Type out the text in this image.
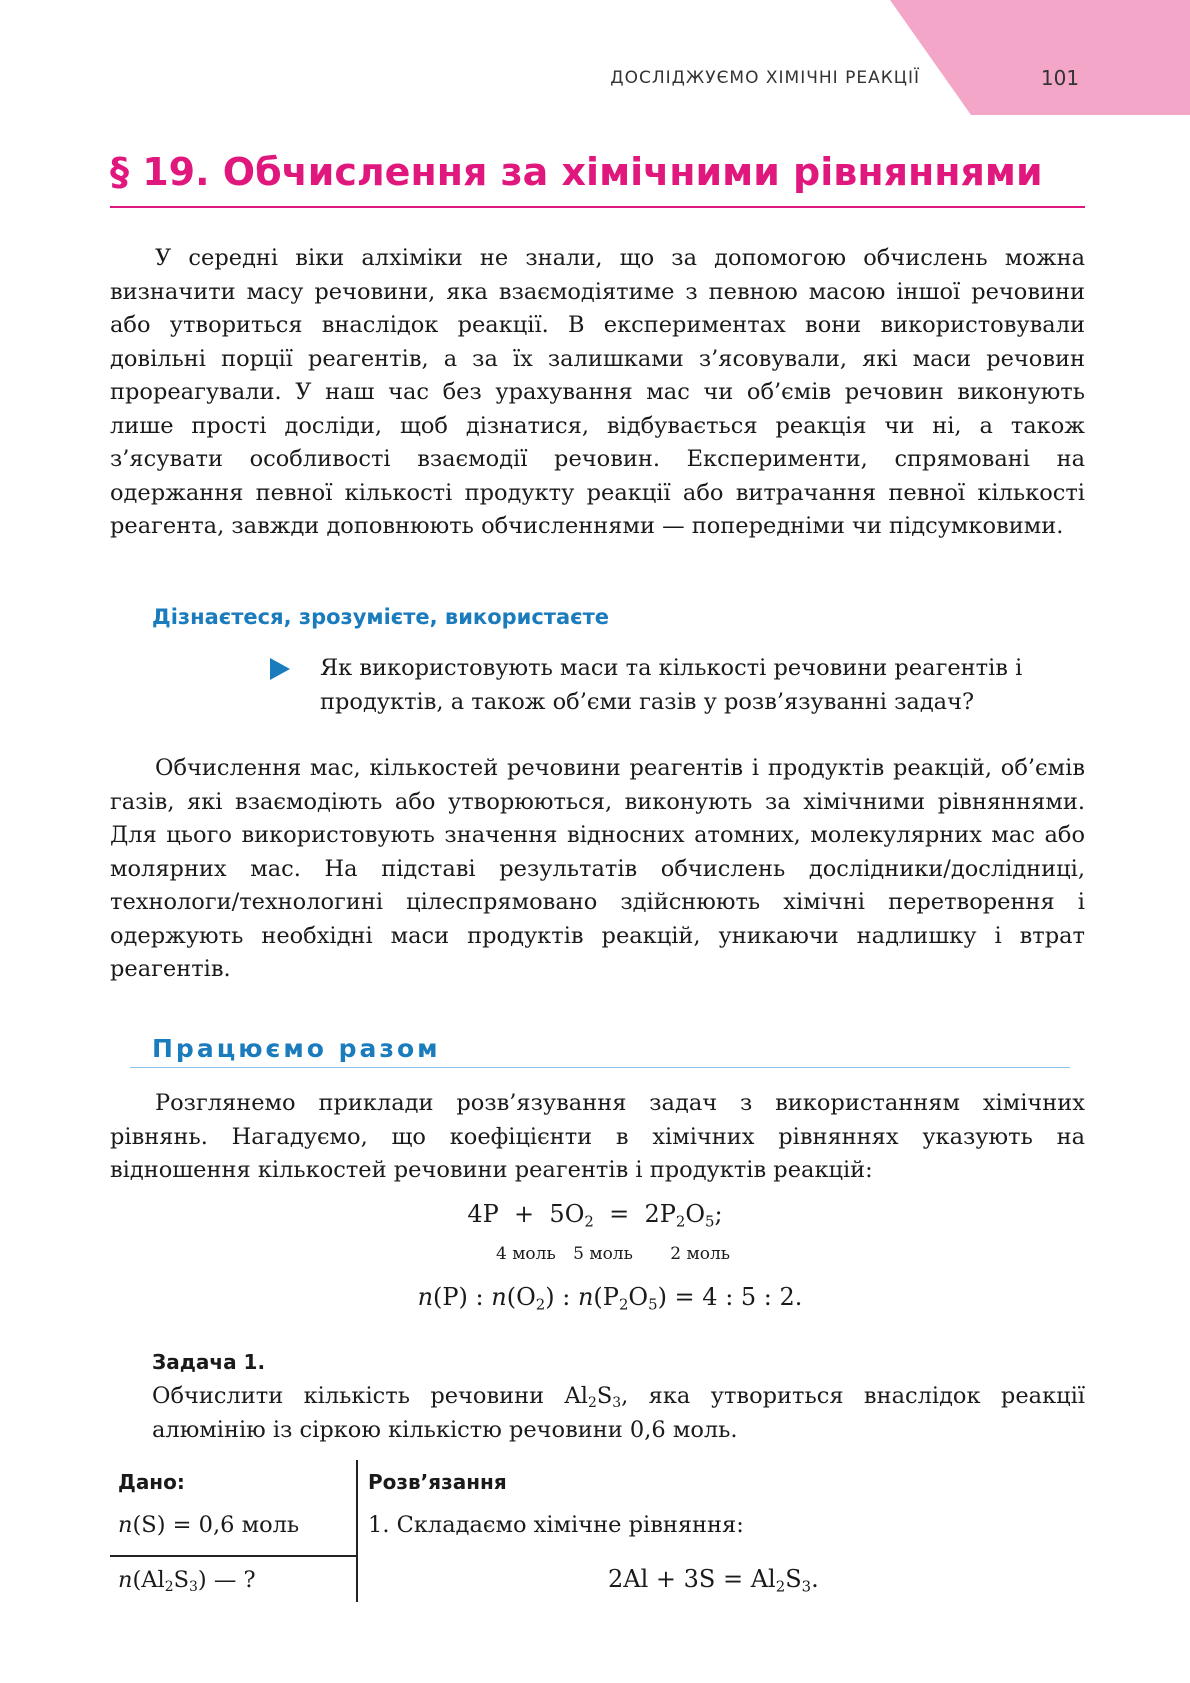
ДОСЛІДЖУЄМО ХІМІЧНІ РЕАКЦІЇ	101
§ 19. Обчислення за хімічними рівняннями

У середні віки алхіміки не знали, що за допомогою обчислень можна визначити масу речовини, яка взаємодіятиме з певною масою іншої речовини або утвориться внаслідок реакції. В експериментах вони використовували довільні порції реагентів, а за їх залишками з’ясовували, які маси речовин прореагували. У наш час без урахування мас чи об’ємів речовин виконують лише прості досліди, щоб дізнатися, відбувається реакція чи ні, а також з’ясувати особливості взаємодії речовин. Експерименти, спрямовані на одержання певної кількості продукту реакції або витрачання певної кількості реагента, завжди доповнюють обчисленнями — попередніми чи підсумковими.

Дізнаєтеся, зрозумієте, використаєте
Як використовують маси та кількості речовини реагентів і продуктів, а також об’єми газів у розв’язуванні задач?

Обчислення мас, кількостей речовини реагентів і продуктів реакцій, об’ємів газів, які взаємодіють або утворюються, виконують за хімічними рівняннями. Для цього використовують значення відносних атомних, молекулярних мас або молярних мас. На підставі результатів обчислень дослідники/дослідниці, технологи/технологині цілеспрямовано здійснюють хімічні перетворення і одержують необхідні маси продуктів реакцій, уникаючи надлишку і втрат реагентів.

Працюємо разом

Розглянемо приклади розв’язування задач з використанням хімічних рівнянь. Нагадуємо, що коефіцієнти в хімічних рівняннях указують на відношення кількостей речовини реагентів і продуктів реакцій:

$4P + 5O_2 = 2P_2O_5$;
4 моль 5 моль 2 моль
n(P) : $n(O_2)$ : $n(P_2O_5) = 4$ : 5 : 2.
Задача 1.

Обчислити кількість речовини $Al_2S_3$, яка утвориться внаслідок реакції алюмінію із сіркою кількістю речовини 0,6 моль.

Дано:	Розв’язання
n(S) = 0,6 моль
$n(Al_2S_3)$ — ?
1. Складаємо хімічне рівняння:
$2Al + 3S = Al_2S_3$.
